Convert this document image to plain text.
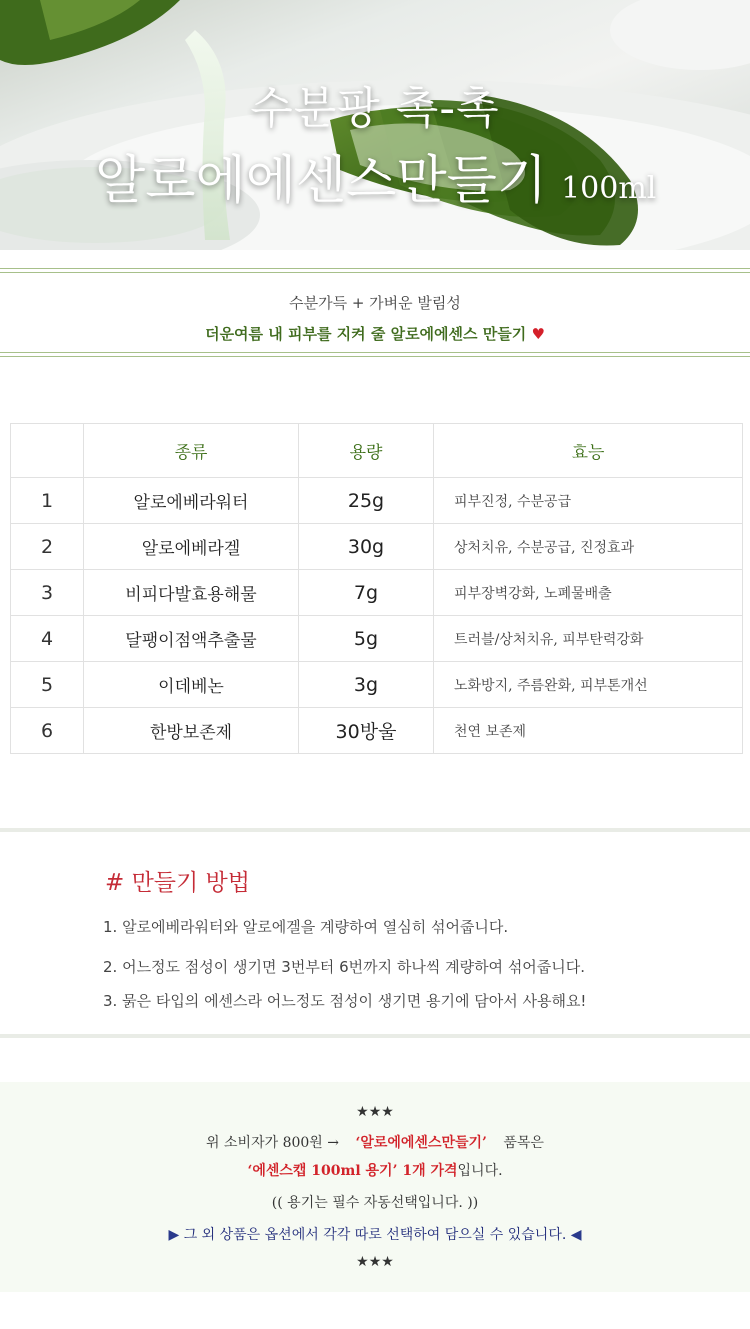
수분팡 촉-촉
알로에에센스만들기 100ml
수분가득 + 가벼운 발림성
더운여름 내 피부를 지켜 줄 알로에에센스 만들기 ♥
	종류	용량	효능
1	알로에베라워터	25g	피부진정, 수분공급
2	알로에베라겔	30g	상처치유, 수분공급, 진정효과
3	비피다발효용해물	7g	피부장벽강화, 노폐물배출
4	달팽이점액추출물	5g	트러블/상처치유, 피부탄력강화
5	이데베논	3g	노화방지, 주름완화, 피부톤개선
6	한방보존제	30방울	천연 보존제
# 만들기 방법
1. 알로에베라워터와 알로에겔을 계량하여 열심히 섞어줍니다.
2. 어느정도 점성이 생기면 3번부터 6번까지 하나씩 계량하여 섞어줍니다.
3. 묽은 타입의 에센스라 어느정도 점성이 생기면 용기에 담아서 사용해요!
★★★
위 소비자가 800원 → ‘알로에에센스만들기’ 품목은
‘에센스캡 100ml 용기’ 1개 가격입니다.
(( 용기는 필수 자동선택입니다. ))
▶ 그 외 상품은 옵션에서 각각 따로 선택하여 담으실 수 있습니다. ◀
★★★
